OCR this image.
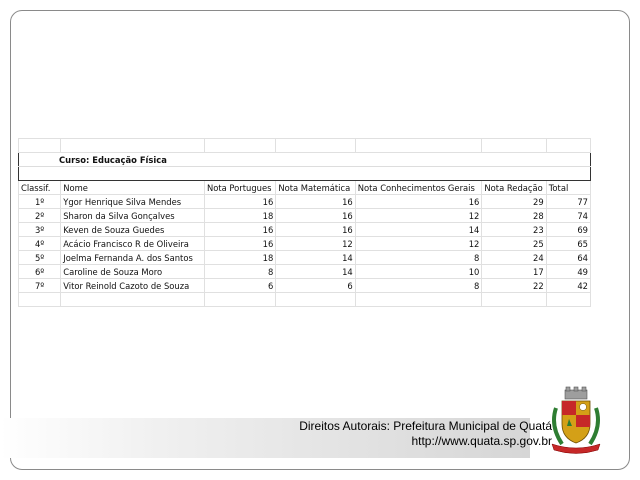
Curso: Educação Física						

Classif.	Nome	Nota Portugues	Nota Matemática	Nota Conhecimentos Gerais	Nota Redação	Total
1º	Ygor Henrique Silva Mendes	16	16	16	29	77
2º	Sharon da Silva Gonçalves	18	16	12	28	74
3º	Keven de Souza Guedes	16	16	14	23	69
4º	Acácio Francisco R de Oliveira	16	12	12	25	65
5º	Joelma Fernanda A. dos Santos	18	14	8	24	64
6º	Caroline de Souza Moro	8	14	10	17	49
7º	Vitor Reinold Cazoto de Souza	6	6	8	22	42

Direitos Autorais: Prefeitura Municipal de Quatá
http://www.quata.sp.gov.br
